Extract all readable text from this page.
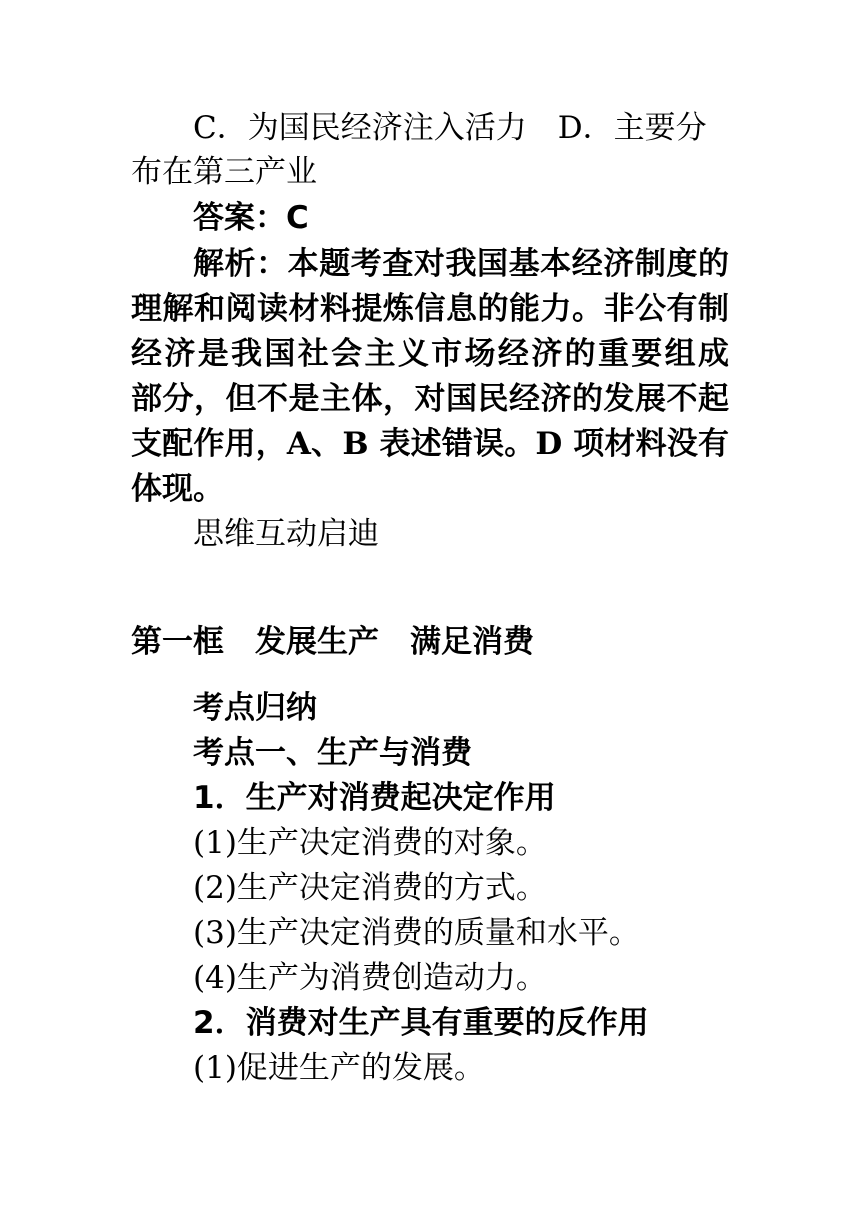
C．为国民经济注入活力　D．主要分

布在第三产业

答案：C

解析：本题考查对我国基本经济制度的

理解和阅读材料提炼信息的能力。非公有制

经济是我国社会主义市场经济的重要组成

部分，但不是主体，对国民经济的发展不起

支配作用，A、B 表述错误。D 项材料没有

体现。

思维互动启迪

第一框　发展生产　满足消费

考点归纳

考点一、生产与消费

1．生产对消费起决定作用

(1)生产决定消费的对象。

(2)生产决定消费的方式。

(3)生产决定消费的质量和水平。

(4)生产为消费创造动力。

2．消费对生产具有重要的反作用

(1)促进生产的发展。
